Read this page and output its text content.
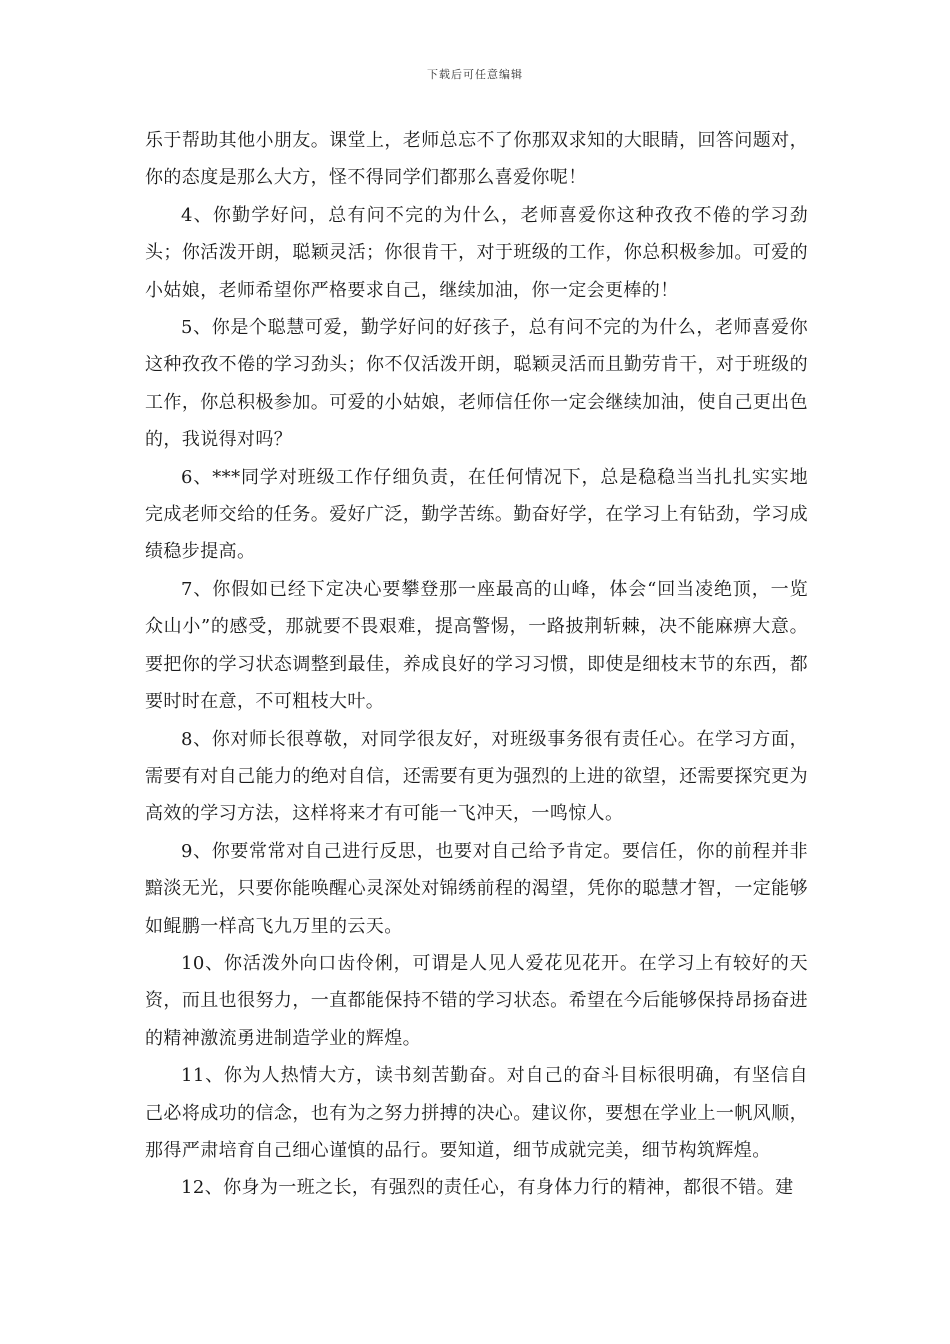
下载后可任意编辑

乐于帮助其他小朋友。课堂上，老师总忘不了你那双求知的大眼睛，回答问题对，你的态度是那么大方，怪不得同学们都那么喜爱你呢！

4、你勤学好问，总有问不完的为什么，老师喜爱你这种孜孜不倦的学习劲头；你活泼开朗，聪颖灵活；你很肯干，对于班级的工作，你总积极参加。可爱的小姑娘，老师希望你严格要求自己，继续加油，你一定会更棒的！

5、你是个聪慧可爱，勤学好问的好孩子，总有问不完的为什么，老师喜爱你这种孜孜不倦的学习劲头；你不仅活泼开朗，聪颖灵活而且勤劳肯干，对于班级的工作，你总积极参加。可爱的小姑娘，老师信任你一定会继续加油，使自己更出色的，我说得对吗？

6、***同学对班级工作仔细负责，在任何情况下，总是稳稳当当扎扎实实地完成老师交给的任务。爱好广泛，勤学苦练。勤奋好学，在学习上有钻劲，学习成绩稳步提高。

7、你假如已经下定决心要攀登那一座最高的山峰，体会“回当凌绝顶，一览众山小”的感受，那就要不畏艰难，提高警惕，一路披荆斩棘，决不能麻痹大意。要把你的学习状态调整到最佳，养成良好的学习习惯，即使是细枝末节的东西，都要时时在意，不可粗枝大叶。

8、你对师长很尊敬，对同学很友好，对班级事务很有责任心。在学习方面，需要有对自己能力的绝对自信，还需要有更为强烈的上进的欲望，还需要探究更为高效的学习方法，这样将来才有可能一飞冲天，一鸣惊人。

9、你要常常对自己进行反思，也要对自己给予肯定。要信任，你的前程并非黯淡无光，只要你能唤醒心灵深处对锦绣前程的渴望，凭你的聪慧才智，一定能够如鲲鹏一样高飞九万里的云天。

10、你活泼外向口齿伶俐，可谓是人见人爱花见花开。在学习上有较好的天资，而且也很努力，一直都能保持不错的学习状态。希望在今后能够保持昂扬奋进的精神激流勇进制造学业的辉煌。

11、你为人热情大方，读书刻苦勤奋。对自己的奋斗目标很明确，有坚信自己必将成功的信念，也有为之努力拼搏的决心。建议你，要想在学业上一帆风顺，那得严肃培育自己细心谨慎的品行。要知道，细节成就完美，细节构筑辉煌。

12、你身为一班之长，有强烈的责任心，有身体力行的精神，都很不错。建
